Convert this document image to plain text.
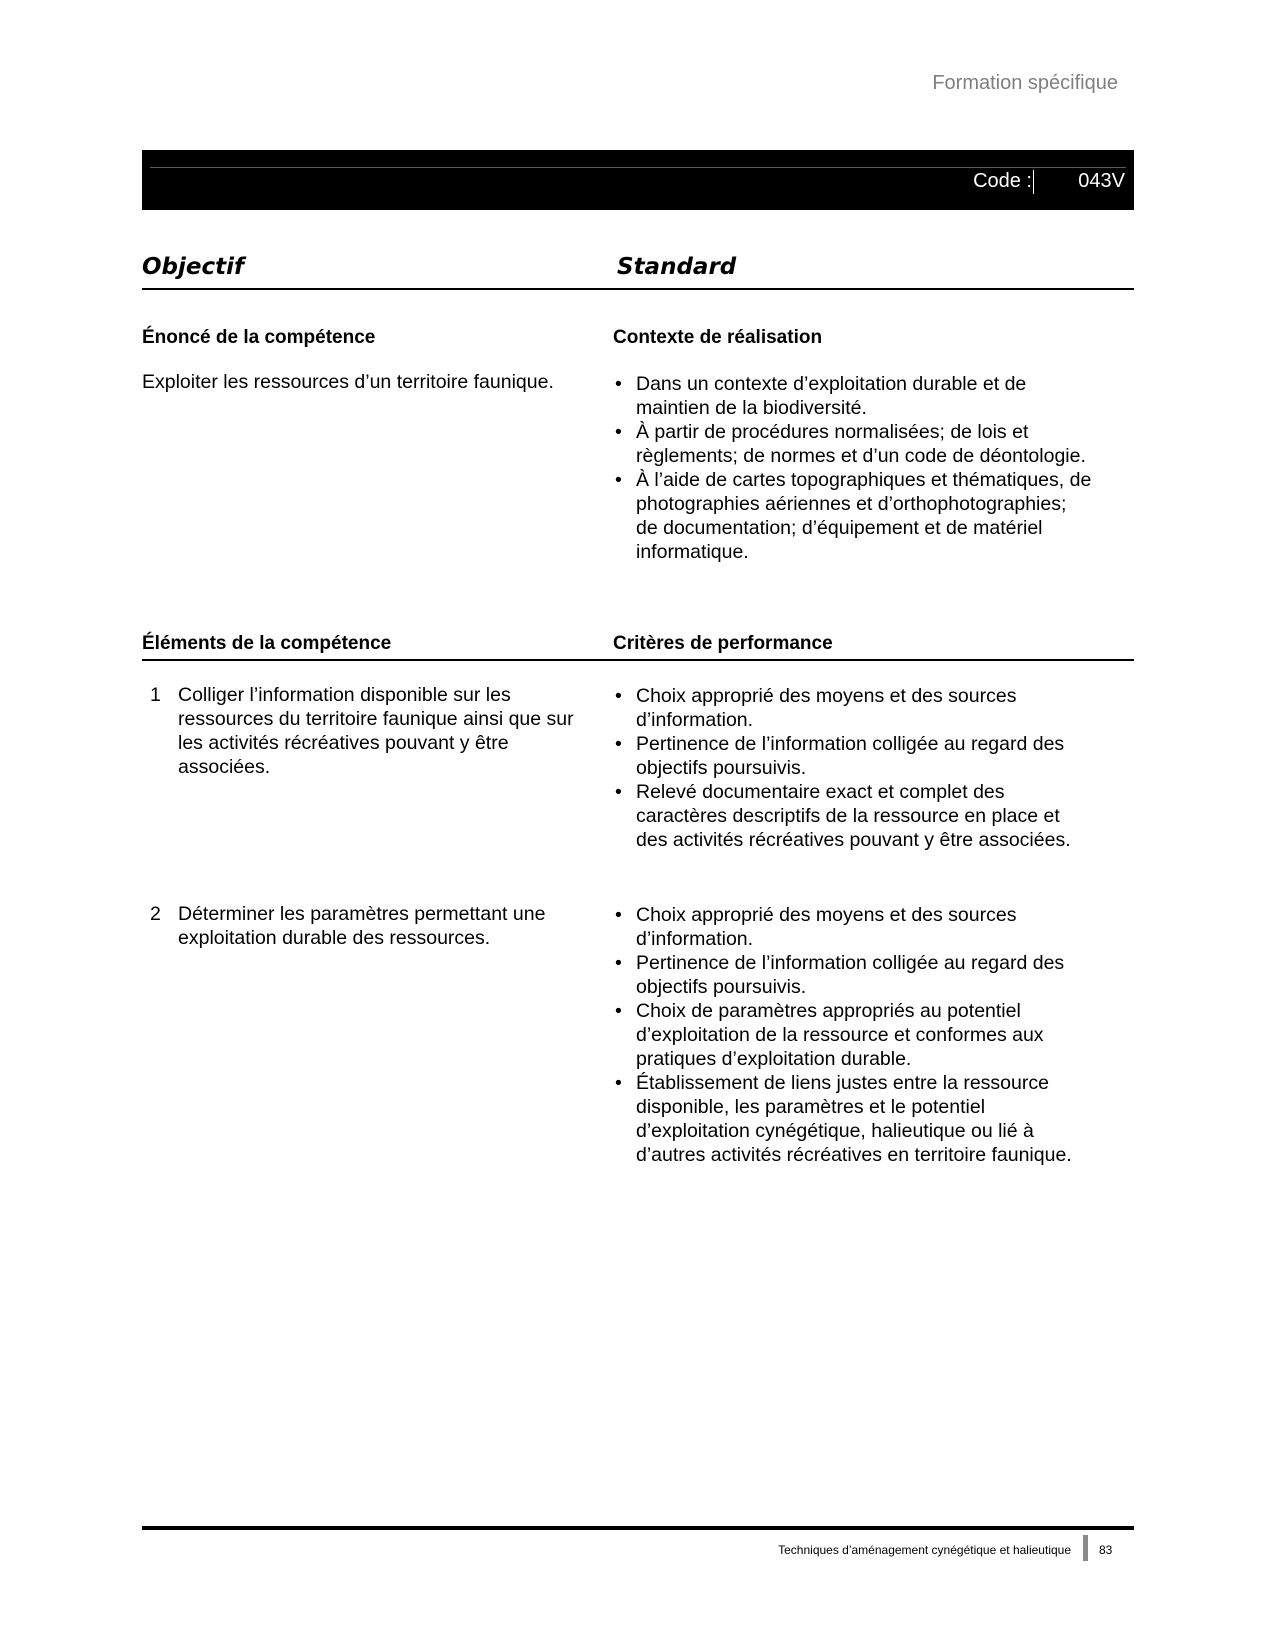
Formation spécifique
Code : 043V
Objectif	Standard
Énoncé de la compétence	Contexte de réalisation
Exploiter les ressources d’un territoire faunique.
•	Dans un contexte d’exploitation durable et de maintien de la biodiversité.
• À partir de procédures normalisées; de lois et règlements; de normes et d’un code de déontologie.
• À l’aide de cartes topographiques et thématiques, de photographies aériennes et d’orthophotographies; de documentation; d’équipement et de matériel informatique.
Éléments de la compétence	Critères de performance
1 Colliger l’information disponible sur les ressources du territoire faunique ainsi que sur les activités récréatives pouvant y être associées.
• Choix approprié des moyens et des sources d’information.
• Pertinence de l’information colligée au regard des objectifs poursuivis.
• Relevé documentaire exact et complet des caractères descriptifs de la ressource en place et des activités récréatives pouvant y être associées.
2 Déterminer les paramètres permettant une exploitation durable des ressources.
• Choix approprié des moyens et des sources d’information.
• Pertinence de l’information colligée au regard des objectifs poursuivis.
• Choix de paramètres appropriés au potentiel d’exploitation de la ressource et conformes aux pratiques d’exploitation durable.
• Établissement de liens justes entre la ressource disponible, les paramètres et le potentiel d’exploitation cynégétique, halieutique ou lié à d’autres activités récréatives en territoire faunique.
Techniques d’aménagement cynégétique et halieutique 83
